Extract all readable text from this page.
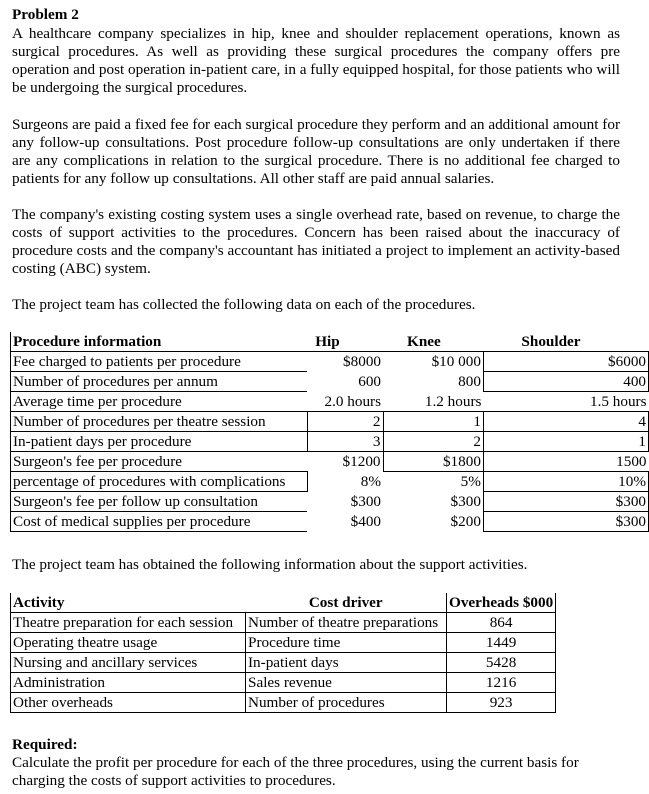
Problem 2
A healthcare company specializes in hip, knee and shoulder replacement operations, known as surgical procedures. As well as providing these surgical procedures the company offers pre operation and post operation in-patient care, in a fully equipped hospital, for those patients who will be undergoing the surgical procedures.
Surgeons are paid a fixed fee for each surgical procedure they perform and an additional amount for any follow-up consultations. Post procedure follow-up consultations are only undertaken if there are any complications in relation to the surgical procedure. There is no additional fee charged to patients for any follow up consultations. All other staff are paid annual salaries.
The company's existing costing system uses a single overhead rate, based on revenue, to charge the costs of support activities to the procedures. Concern has been raised about the inaccuracy of procedure costs and the company's accountant has initiated a project to implement an activity-based costing (ABC) system.
The project team has collected the following data on each of the procedures.
Procedure information	Hip	Knee	Shoulder
Fee charged to patients per procedure	$8000	$10 000	$6000
Number of procedures per annum	600	800	400
Average time per procedure	2.0 hours	1.2 hours	1.5 hours
Number of procedures per theatre session	2	1	4
In-patient days per procedure	3	2	1
Surgeon's fee per procedure	$1200	$1800	1500
percentage of procedures with complications	8%	5%	10%
Surgeon's fee per follow up consultation	$300	$300	$300
Cost of medical supplies per procedure	$400	$200	$300
The project team has obtained the following information about the support activities.
Activity	Cost driver	Overheads $000
Theatre preparation for each session	Number of theatre preparations	864
Operating theatre usage	Procedure time	1449
Nursing and ancillary services	In-patient days	5428
Administration	Sales revenue	1216
Other overheads	Number of procedures	923
Required:
Calculate the profit per procedure for each of the three procedures, using the current basis for charging the costs of support activities to procedures.
